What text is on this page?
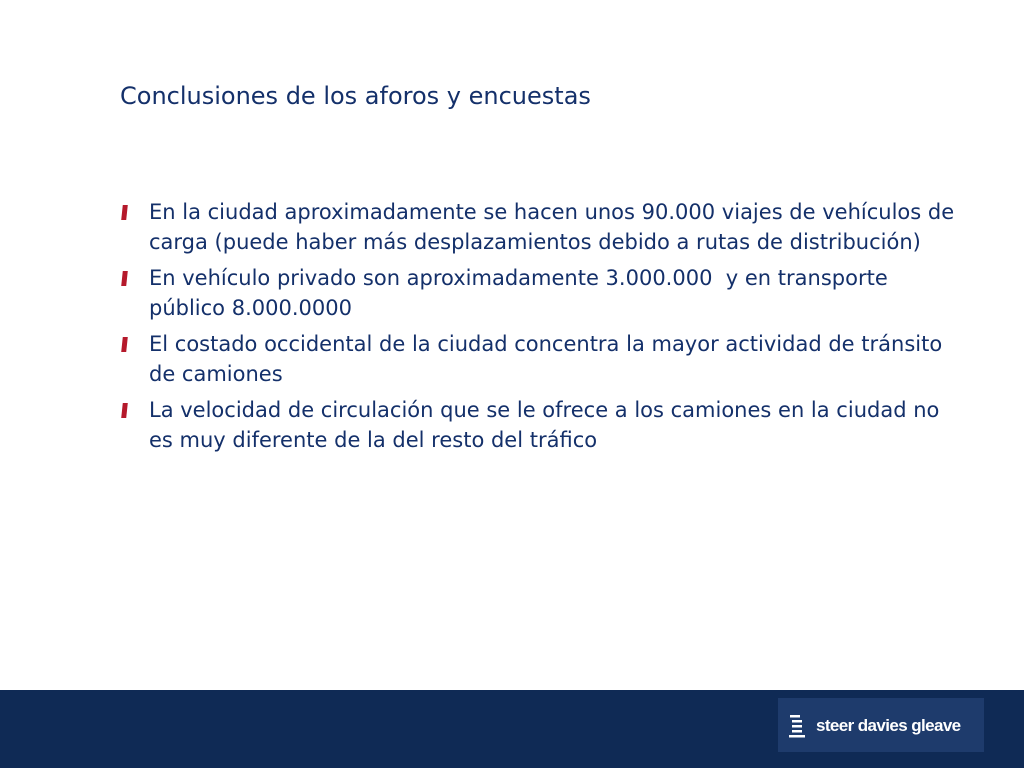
Conclusiones de los aforos y encuestas
En la ciudad aproximadamente se hacen unos 90.000 viajes de vehículos de carga (puede haber más desplazamientos debido a rutas de distribución)
En vehículo privado son aproximadamente 3.000.000  y en transporte público 8.000.0000
El costado occidental de la ciudad concentra la mayor actividad de tránsito de camiones
La velocidad de circulación que se le ofrece a los camiones en la ciudad no es muy diferente de la del resto del tráfico
steer davies gleave
